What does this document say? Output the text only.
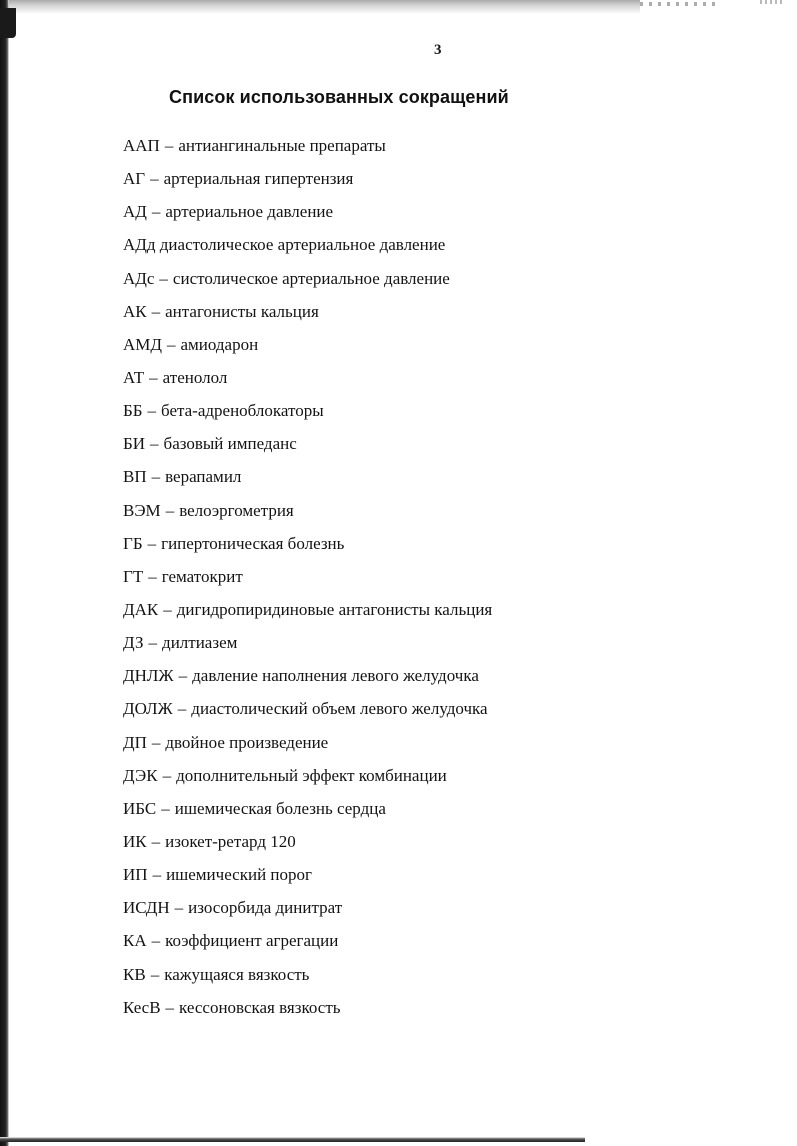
3
Список использованных сокращений
ААП – антиангинальные препараты
АГ – артериальная гипертензия
АД – артериальное давление
АДд диастолическое артериальное давление
АДс – систолическое артериальное давление
АК – антагонисты кальция
АМД – амиодарон
АТ – атенолол
ББ – бета-адреноблокаторы
БИ – базовый импеданс
ВП – верапамил
ВЭМ – велоэргометрия
ГБ – гипертоническая болезнь
ГТ – гематокрит
ДАК – дигидропиридиновые антагонисты кальция
ДЗ – дилтиазем
ДНЛЖ – давление наполнения левого желудочка
ДОЛЖ – диастолический объем левого желудочка
ДП – двойное произведение
ДЭК – дополнительный эффект комбинации
ИБС – ишемическая болезнь сердца
ИК – изокет-ретард 120
ИП – ишемический порог
ИСДН – изосорбида динитрат
КА – коэффициент агрегации
КВ – кажущаяся вязкость
КесВ – кессоновская вязкость
